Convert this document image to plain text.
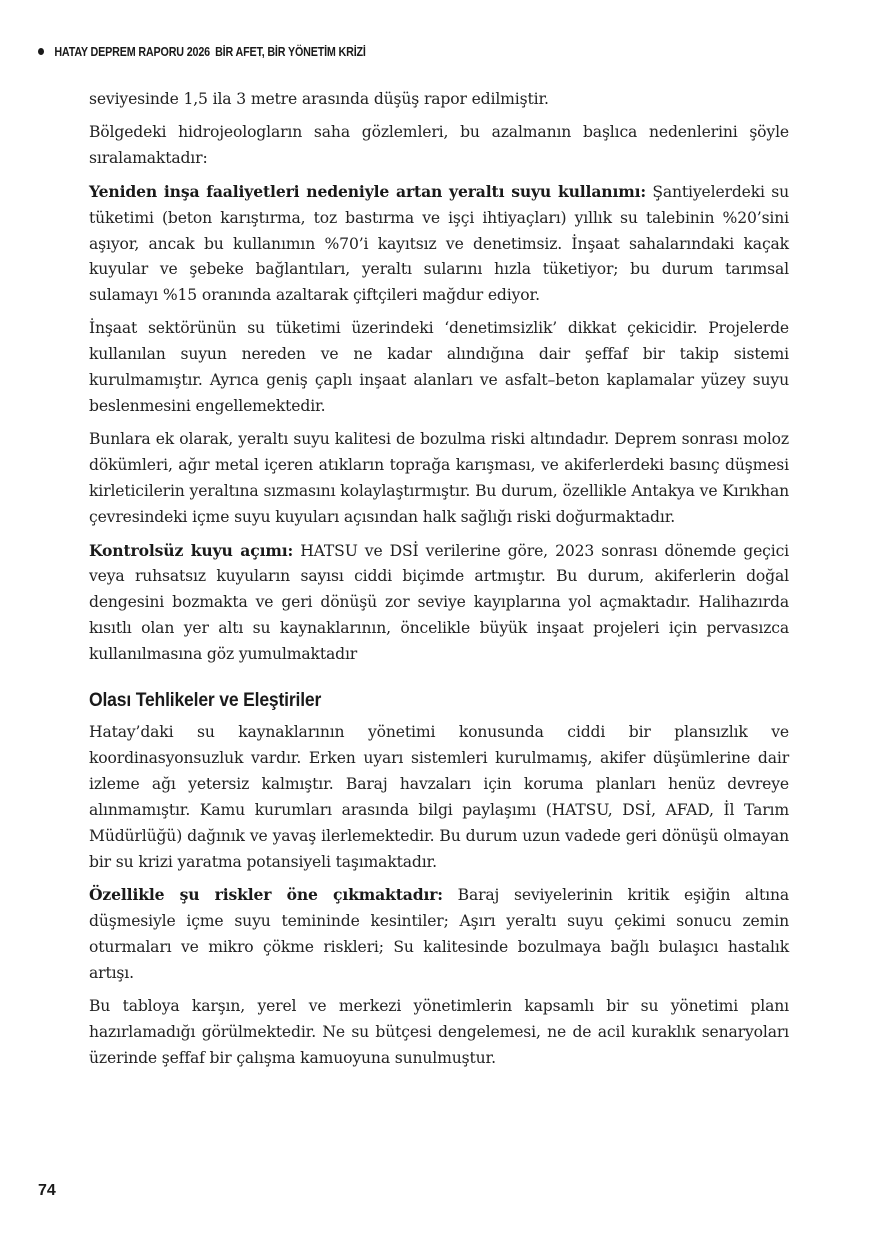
HATAY DEPREM RAPORU 2026 BİR AFET, BİR YÖNETİM KRİZİ

seviyesinde 1,5 ila 3 metre arasında düşüş rapor edilmiştir.

Bölgedeki hidrojeologların saha gözlemleri, bu azalmanın başlıca nedenlerini şöyle sıralamaktadır:

Yeniden inşa faaliyetleri nedeniyle artan yeraltı suyu kullanımı: Şantiyelerdeki su tüketimi (beton karıştırma, toz bastırma ve işçi ihtiyaçları) yıllık su talebinin %20’sini aşıyor, ancak bu kullanımın %70’i kayıtsız ve denetimsiz. İnşaat sahalarındaki kaçak kuyular ve şebeke bağlantıları, yeraltı sularını hızla tüketiyor; bu durum tarımsal sulamayı %15 oranında azaltarak çiftçileri mağdur ediyor.

İnşaat sektörünün su tüketimi üzerindeki ‘denetimsizlik’ dikkat çekicidir. Projelerde kullanılan suyun nereden ve ne kadar alındığına dair şeffaf bir takip sistemi kurulmamıştır. Ayrıca geniş çaplı inşaat alanları ve asfalt–beton kaplamalar yüzey suyu beslenmesini engellemektedir.

Bunlara ek olarak, yeraltı suyu kalitesi de bozulma riski altındadır. Deprem sonrası moloz dökümleri, ağır metal içeren atıkların toprağa karışması, ve akiferlerdeki basınç düşmesi kirleticilerin yeraltına sızmasını kolaylaştırmıştır. Bu durum, özellikle Antakya ve Kırıkhan çevresindeki içme suyu kuyuları açısından halk sağlığı riski doğurmaktadır.

Kontrolsüz kuyu açımı: HATSU ve DSİ verilerine göre, 2023 sonrası dönemde geçici veya ruhsatsız kuyuların sayısı ciddi biçimde artmıştır. Bu durum, akiferlerin doğal dengesini bozmakta ve geri dönüşü zor seviye kayıplarına yol açmaktadır. Halihazırda kısıtlı olan yer altı su kaynaklarının, öncelikle büyük inşaat projeleri için pervasızca kullanılmasına göz yumulmaktadır

Olası Tehlikeler ve Eleştiriler

Hatay’daki su kaynaklarının yönetimi konusunda ciddi bir plansızlık ve koordinasyonsuzluk vardır. Erken uyarı sistemleri kurulmamış, akifer düşümlerine dair izleme ağı yetersiz kalmıştır. Baraj havzaları için koruma planları henüz devreye alınmamıştır. Kamu kurumları arasında bilgi paylaşımı (HATSU, DSİ, AFAD, İl Tarım Müdürlüğü) dağınık ve yavaş ilerlemektedir. Bu durum uzun vadede geri dönüşü olmayan bir su krizi yaratma potansiyeli taşımaktadır.

Özellikle şu riskler öne çıkmaktadır: Baraj seviyelerinin kritik eşiğin altına düşmesiyle içme suyu temininde kesintiler; Aşırı yeraltı suyu çekimi sonucu zemin oturmaları ve mikro çökme riskleri; Su kalitesinde bozulmaya bağlı bulaşıcı hastalık artışı.

Bu tabloya karşın, yerel ve merkezi yönetimlerin kapsamlı bir su yönetimi planı hazırlamadığı görülmektedir. Ne su bütçesi dengelemesi, ne de acil kuraklık senaryoları üzerinde şeffaf bir çalışma kamuoyuna sunulmuştur.

74
